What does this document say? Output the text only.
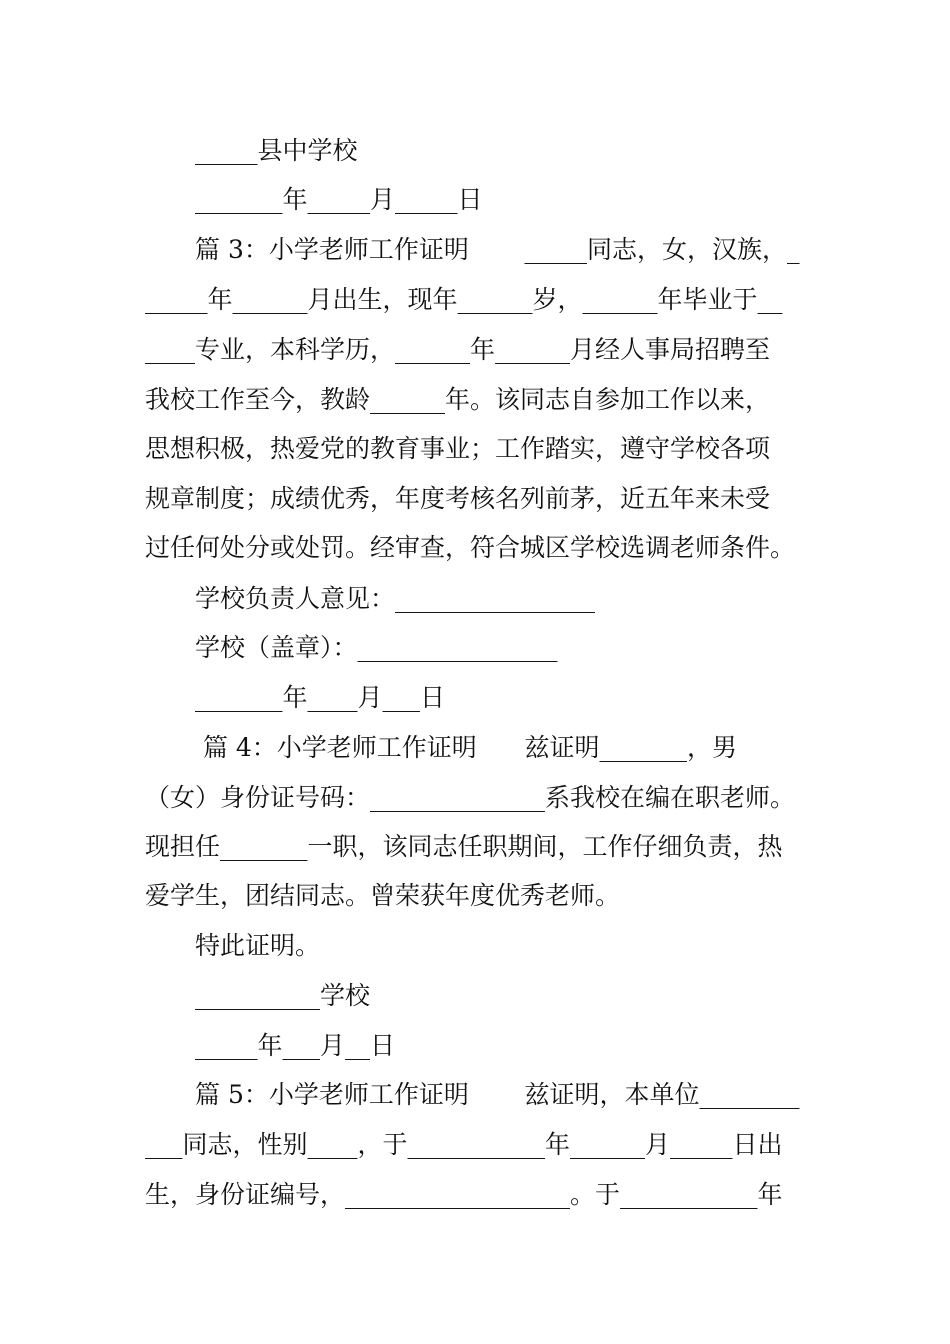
_____县中学校
_______年_____月_____日
篇 3：小学老师工作证明       _____同志，女，汉族，_
_____年______月出生，现年______岁，______年毕业于__
____专业，本科学历，______年______月经人事局招聘至
我校工作至今，教龄______年。该同志自参加工作以来，
思想积极，热爱党的教育事业；工作踏实，遵守学校各项
规章制度；成绩优秀，年度考核名列前茅，近五年来未受
过任何处分或处罚。经审查，符合城区学校选调老师条件。
学校负责人意见：________________
学校（盖章）：________________
_______年____月___日
篇 4：小学老师工作证明      兹证明_______，男
（女）身份证号码：______________系我校在编在职老师。
现担任_______一职，该同志任职期间，工作仔细负责，热
爱学生，团结同志。曾荣获年度优秀老师。
特此证明。
__________学校
_____年___月__日
篇 5：小学老师工作证明       兹证明，本单位________
___同志，性别____，于___________年______月_____日出
生，身份证编号，__________________。于___________年
